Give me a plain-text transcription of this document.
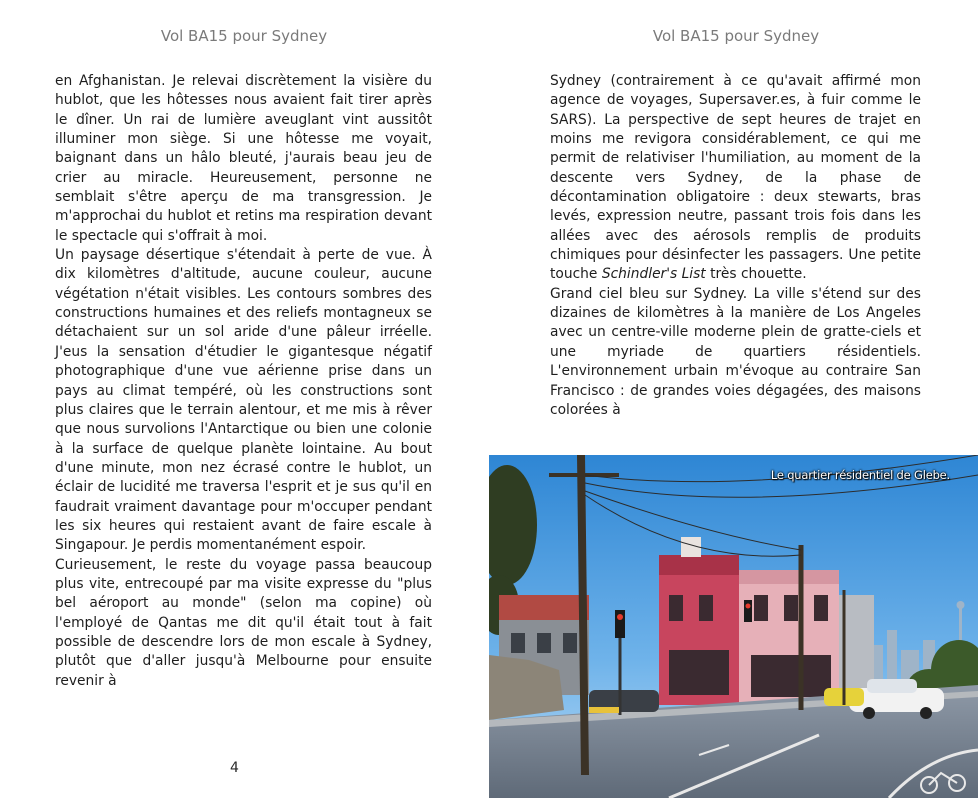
Vol BA15 pour Sydney

en Afghanistan. Je relevai discrètement la visière du hublot, que les hôtesses nous avaient fait tirer après le dîner. Un rai de lumière aveuglant vint aussitôt illuminer mon siège. Si une hôtesse me voyait, baignant dans un hâlo bleuté, j'aurais beau jeu de crier au miracle. Heureusement, personne ne semblait s'être aperçu de ma transgression. Je m'approchai du hublot et retins ma respiration devant le spectacle qui s'offrait à moi.

Un paysage désertique s'étendait à perte de vue. À dix kilomètres d'altitude, aucune couleur, aucune végétation n'était visibles. Les contours sombres des constructions humaines et des reliefs montagneux se détachaient sur un sol aride d'une pâleur irréelle. J'eus la sensation d'étudier le gigantesque négatif photographique d'une vue aérienne prise dans un pays au climat tempéré, où les constructions sont plus claires que le terrain alentour, et me mis à rêver que nous survolions l'Antarctique ou bien une colonie à la surface de quelque planète lointaine. Au bout d'une minute, mon nez écrasé contre le hublot, un éclair de lucidité me traversa l'esprit et je sus qu'il en faudrait vraiment davantage pour m'occuper pendant les six heures qui restaient avant de faire escale à Singapour. Je perdis momentanément espoir.

Curieusement, le reste du voyage passa beaucoup plus vite, entrecoupé par ma visite expresse du "plus bel aéroport au monde" (selon ma copine) où l'employé de Qantas me dit qu'il était tout à fait possible de descendre lors de mon escale à Sydney, plutôt que d'aller jusqu'à Melbourne pour ensuite revenir à

4
Vol BA15 pour Sydney

Sydney (contrairement à ce qu'avait affirmé mon agence de voyages, Supersaver.es, à fuir comme le SARS). La perspective de sept heures de trajet en moins me revigora considérablement, ce qui me permit de relativiser l'humiliation, au moment de la descente vers Sydney, de la phase de décontamination obligatoire : deux stewarts, bras levés, expression neutre, passant trois fois dans les allées avec des aérosols remplis de produits chimiques pour désinfecter les passagers. Une petite touche Schindler's List très chouette.

Grand ciel bleu sur Sydney. La ville s'étend sur des dizaines de kilomètres à la manière de Los Angeles avec un centre-ville moderne plein de gratte-ciels et une myriade de quartiers résidentiels. L'environnement urbain m'évoque au contraire San Francisco : de grandes voies dégagées, des maisons colorées à

Le quartier résidentiel de Glebe.
